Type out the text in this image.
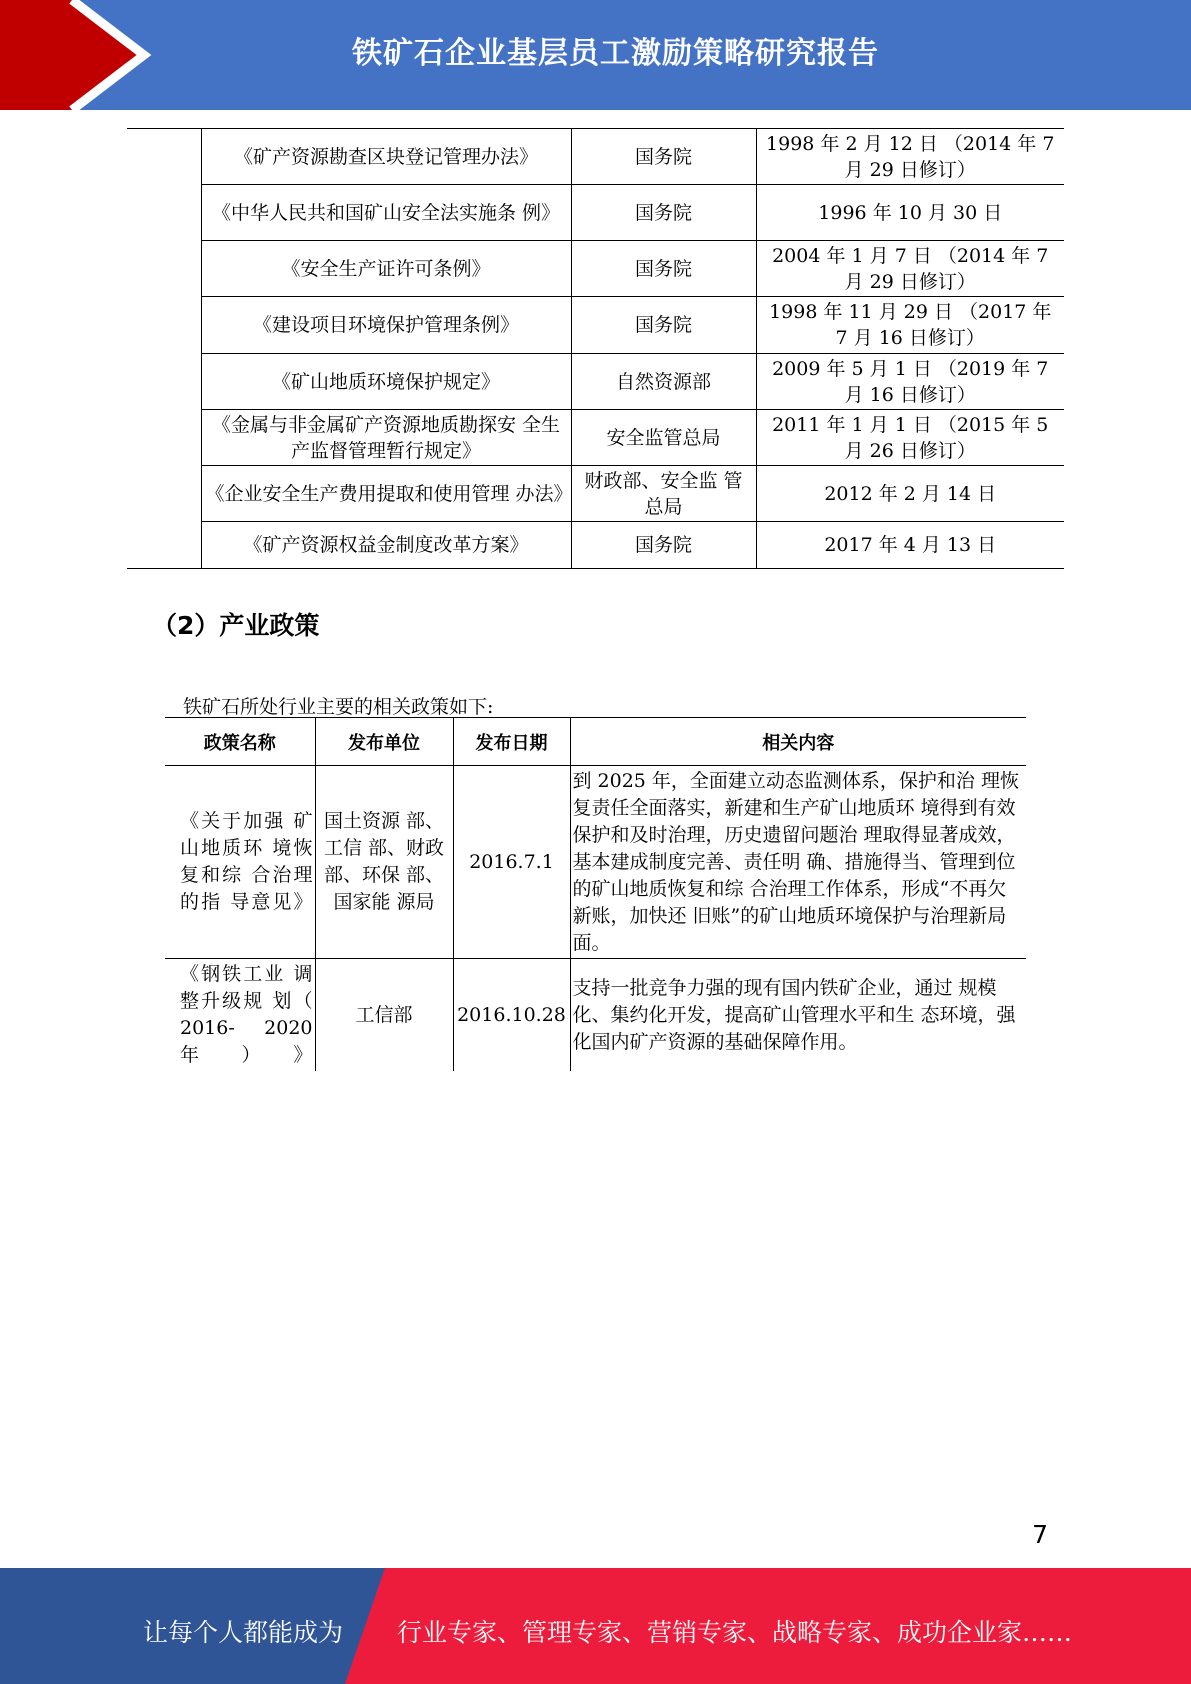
铁矿石企业基层员工激励策略研究报告
	《矿产资源勘查区块登记管理办法》	国务院	1998 年 2 月 12 日 （2014 年 7 月 29 日修订）
	《中华人民共和国矿山安全法实施条 例》	国务院	1996 年 10 月 30 日
	《安全生产证许可条例》	国务院	2004 年 1 月 7 日 （2014 年 7 月 29 日修订）
	《建设项目环境保护管理条例》	国务院	1998 年 11 月 29 日 （2017 年 7 月 16 日修订）
	《矿山地质环境保护规定》	自然资源部	2009 年 5 月 1 日 （2019 年 7 月 16 日修订）
	《金属与非金属矿产资源地质勘探安 全生产监督管理暂行规定》	安全监管总局	2011 年 1 月 1 日 （2015 年 5 月 26 日修订）
	《企业安全生产费用提取和使用管理 办法》	财政部、安全监 管总局	2012 年 2 月 14 日
	《矿产资源权益金制度改革方案》	国务院	2017 年 4 月 13 日
（2）产业政策
铁矿石所处行业主要的相关政策如下:
政策名称	发布单位	发布日期	相关内容
《关于加强 矿山地质环 境恢复和综 合治理的指 导意见》	国土资源 部、工信 部、财政 部、环保 部、国家能 源局	2016.7.1	到 2025 年，全面建立动态监测体系，保护和治 理恢复责任全面落实，新建和生产矿山地质环 境得到有效保护和及时治理，历史遗留问题治 理取得显著成效，基本建成制度完善、责任明 确、措施得当、管理到位的矿山地质恢复和综 合治理工作体系，形成“不再欠新账，加快还 旧账”的矿山地质环境保护与治理新局面。
《钢铁工业 调整升级规 划（ 2016- 2020 年）》	工信部	2016.10.28	支持一批竞争力强的现有国内铁矿企业，通过 规模化、集约化开发，提高矿山管理水平和生 态环境，强化国内矿产资源的基础保障作用。
7
让每个人都能成为 行业专家、管理专家、营销专家、战略专家、成功企业家……
